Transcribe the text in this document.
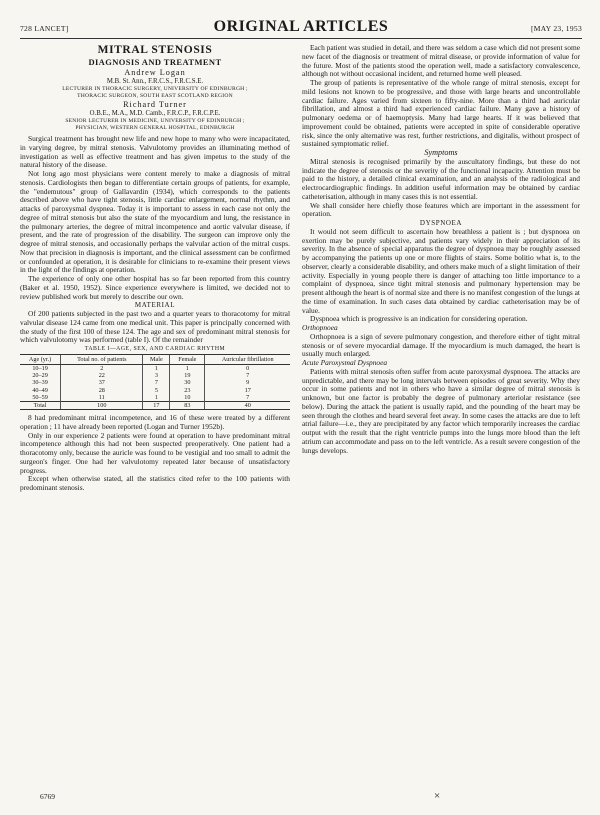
728 LANCET]	ORIGINAL ARTICLES	[MAY 23, 1953

MITRAL STENOSIS

DIAGNOSIS AND TREATMENT

Andrew Logan

M.B. St. Ann., F.R.C.S., F.R.C.S.E.

LECTURER IN THORACIC SURGERY, UNIVERSITY OF EDINBURGH ;

THORACIC SURGEON, SOUTH EAST SCOTLAND REGION

Richard Turner

O.B.E., M.A., M.D. Camb., F.R.C.P., F.R.C.P.E.

SENIOR LECTURER IN MEDICINE, UNIVERSITY OF EDINBURGH ;

PHYSICIAN, WESTERN GENERAL HOSPITAL, EDINBURGH

Surgical treatment has brought new life and new hope to many who were incapacitated, in varying degree, by mitral stenosis. Valvulotomy provides an illuminating method of investigation as well as effective treatment and has given impetus to the study of the natural history of the disease.

Not long ago most physicians were content merely to make a diagnosis of mitral stenosis. Cardiologists then began to differentiate certain groups of patients, for example, the "endemutous" group of Gallavardin (1934), which corresponds to the patients described above who have tight stenosis, little cardiac enlargement, normal rhythm, and attacks of paroxysmal dyspnea. Today it is important to assess in each case not only the degree of mitral stenosis but also the state of the myocardium and lung, the resistance in the pulmonary arteries, the degree of mitral incompetence and aortic valvular disease, if present, and the rate of progression of the disability. The surgeon can improve only the degree of mitral stenosis, and occasionally perhaps the valvular action of the mitral cusps. Now that precision in diagnosis is important, and the clinical assessment can be confirmed or confounded at operation, it is desirable for clinicians to re-examine their present views in the light of the findings at operation.

The experience of only one other hospital has so far been reported from this country (Baker et al. 1950, 1952). Since experience everywhere is limited, we decided not to review published work but merely to describe our own.

MATERIAL

Of 200 patients subjected in the past two and a quarter years to thoracotomy for mitral valvular disease 124 came from one medical unit. This paper is principally concerned with the study of the first 100 of these 124. The age and sex of predominant mitral stenosis for which valvulotomy was performed (table I). Of the remainder

TABLE I—AGE, SEX, AND CARDIAC RHYTHM

Age (yr.)	Total no. of patients	Male	Female	Auricular fibrillation
10–19	2	1	1	0
20–29	22	3	19	7
30–39	37	7	30	9
40–49	28	5	23	17
50–59	11	1	10	7
Total	100	17	83	40

8 had predominant mitral incompetence, and 16 of these were treated by a different operation ; 11 have already been reported (Logan and Turner 1952b).

Only in our experience 2 patients were found at operation to have predominant mitral incompetence although this had not been suspected preoperatively. One patient had a thoracotomy only, because the auricle was found to be vestigial and too small to admit the surgeon's finger. One had her valvulotomy repeated later because of unsatisfactory progress.

Except when otherwise stated, all the statistics cited refer to the 100 patients with predominant stenosis.

Each patient was studied in detail, and there was seldom a case which did not present some new facet of the diagnosis or treatment of mitral disease, or provide information of value for the future. Most of the patients stood the operation well, made a satisfactory convalescence, although not without occasional incident, and returned home well pleased.

The group of patients is representative of the whole range of mitral stenosis, except for mild lesions not known to be progressive, and those with large hearts and uncontrollable cardiac failure. Ages varied from sixteen to fifty-nine. More than a third had auricular fibrillation, and almost a third had experienced cardiac failure. Many gave a history of pulmonary oedema or of haemoptysis. Many had large hearts. If it was believed that improvement could be obtained, patients were accepted in spite of considerable operative risk, since the only alternative was rest, further restrictions, and digitalis, without prospect of sustained symptomatic relief.

Symptoms

Mitral stenosis is recognised primarily by the auscultatory findings, but these do not indicate the degree of stenosis or the severity of the functional incapacity. Attention must be paid to the history, a detailed clinical examination, and an analysis of the radiological and electrocardiographic findings. In addition useful information may be obtained by cardiac catheterisation, although in many cases this is not essential.

We shall consider here chiefly those features which are important in the assessment for operation.

DYSPNOEA

It would not seem difficult to ascertain how breathless a patient is ; but dyspnoea on exertion may be purely subjective, and patients vary widely in their appreciation of its severity. In the absence of special apparatus the degree of dyspnoea may be roughly assessed by accompanying the patients up one or more flights of stairs. Some bolitio what is, to the observer, clearly a considerable disability, and others make much of a slight limitation of their activity. Especially in young people there is danger of attaching too little importance to a complaint of dyspnoea, since tight mitral stenosis and pulmonary hypertension may be present although the heart is of normal size and there is no manifest congestion of the lungs at the time of examination. In such cases data obtained by cardiac catheterisation may be of value.

Dyspnoea which is progressive is an indication for considering operation.

Orthopnoea

Orthopnoea is a sign of severe pulmonary congestion, and therefore either of tight mitral stenosis or of severe myocardial damage. If the myocardium is much damaged, the heart is usually much enlarged.

Acute Paroxysmal Dyspnoea

Patients with mitral stenosis often suffer from acute paroxysmal dyspnoea. The attacks are unpredictable, and there may be long intervals between episodes of great severity. Why they occur in some patients and not in others who have a similar degree of mitral stenosis is unknown, but one factor is probably the degree of pulmonary arteriolar resistance (see below). During the attack the patient is usually rapid, and the pounding of the heart may be seen through the clothes and heard several feet away. In some cases the attacks are due to left atrial failure—i.e., they are precipitated by any factor which temporarily increases the cardiac output with the result that the right ventricle pumps into the lungs more blood than the left atrium can accommodate and pass on to the left ventricle. As a result severe congestion of the lungs develops.

6769	×
